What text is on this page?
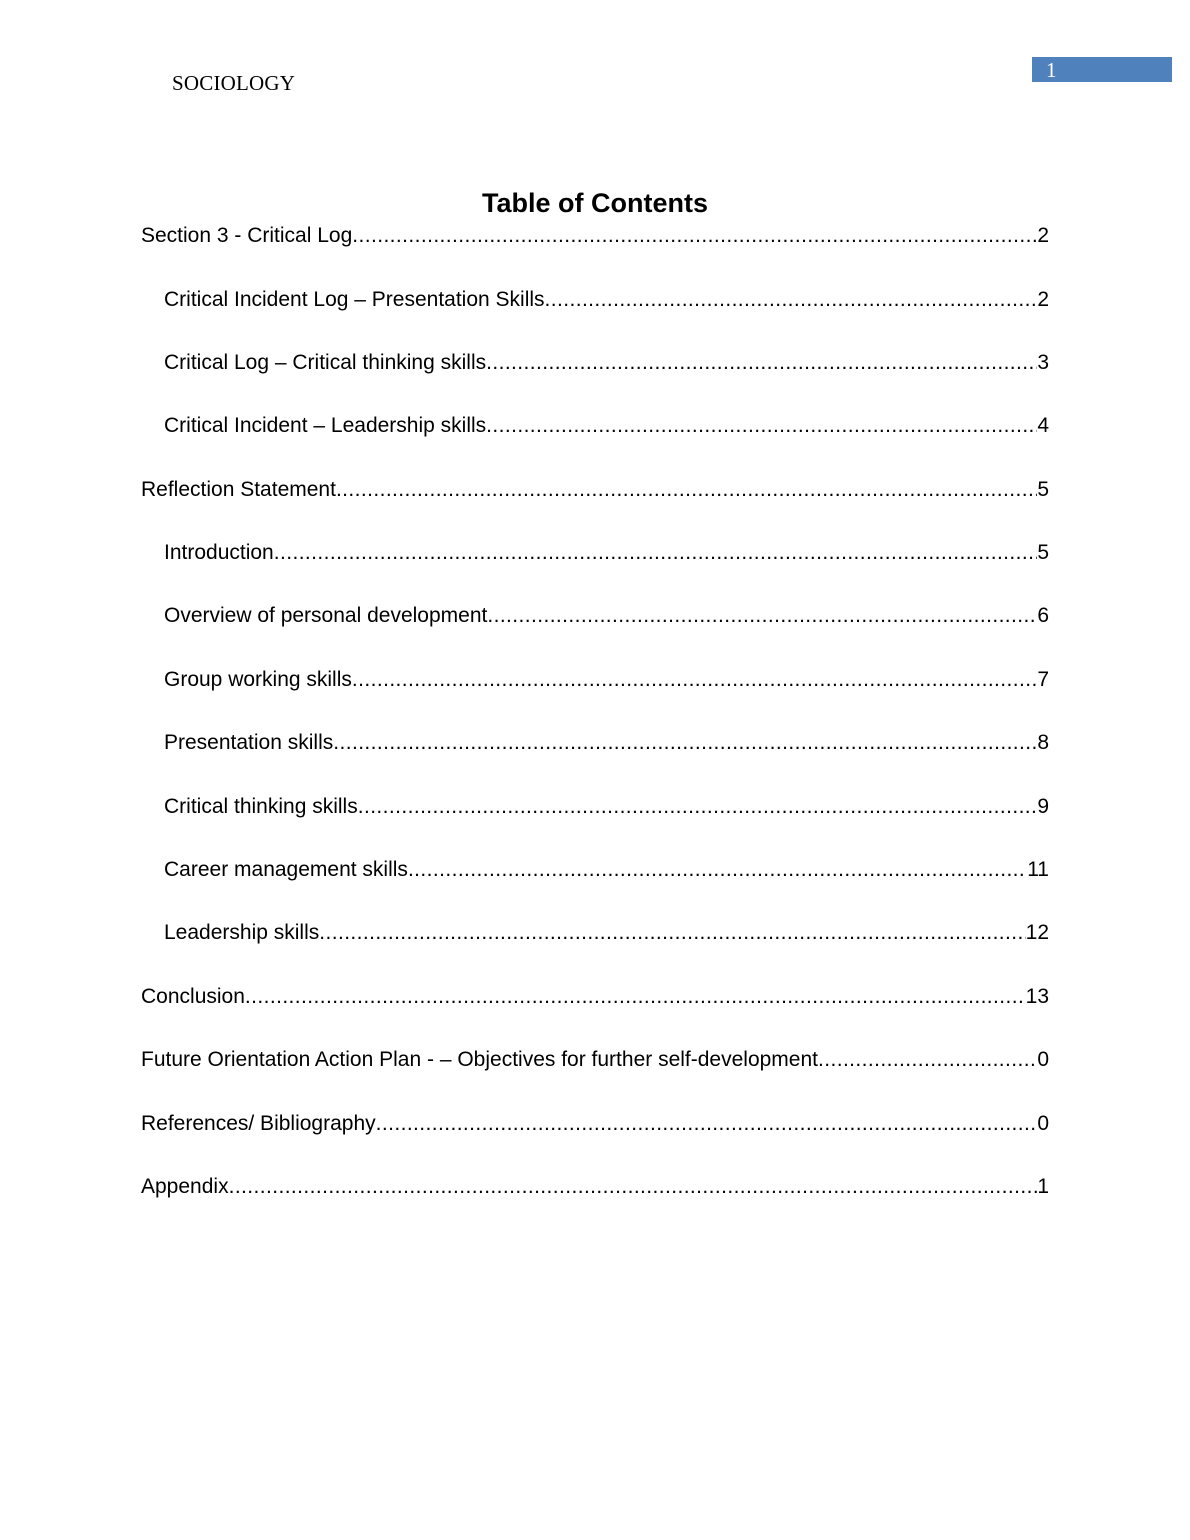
SOCIOLOGY
1
Table of Contents
Section 3 - Critical Log .....	2
Critical Incident Log – Presentation Skills .....	2
Critical Log – Critical thinking skills .....	3
Critical Incident – Leadership skills .....	4
Reflection Statement .....	5
Introduction .....	5
Overview of personal development .....	6
Group working skills .....	7
Presentation skills .....	8
Critical thinking skills .....	9
Career management skills .....	11
Leadership skills .....	12
Conclusion .....	13
Future Orientation Action Plan - – Objectives for further self-development .....	0
References/ Bibliography .....	0
Appendix .....	1
